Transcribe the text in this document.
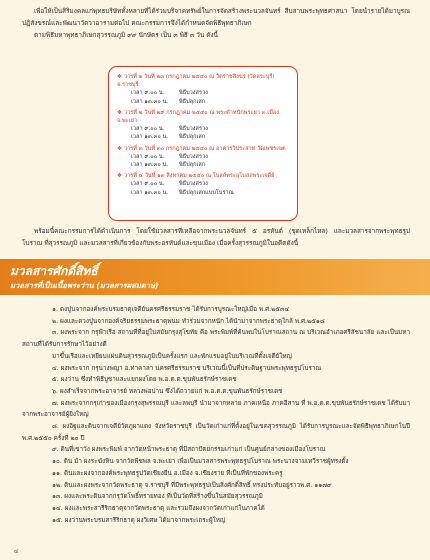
เพื่อให้เป็นสิริมงคลแก่พุทธบริษัททั้งหลายที่ได้ร่วมบริจาคทรัพย์ในการจัดสร้างพระนวลจันทร์ สืบสานพระพุทธศาสนา โดยนำรายได้มาบูรณปฏิสังขรณ์และพัฒนาวัดวาอารามต่อไป คณะกรรมการจึงได้กำหนดจัดพิธีพุทธาภิเษก

ตามพิธีมหาพุทธาภิเษกสุวรรณภูมิ ๙๙ นักษัตร เป็น ๓ พิธี ๓ วัน ดังนี้

❖ วารที่ ๑ วันที่ ๒๓ กรกฎาคม ๒๕๕๐ ณ วัดราชสิงขร (วัดสระบุรี) จ.ราชบุรี
เวลา ๙.๐๐ น.	พิธีบวงสรวง
เวลา ๑๓.๓๐ น. พิธีปลุกเสก
❖ วารที่ ๒ วันที่ ๒๙ กรกฎาคม ๒๕๕๐ ณ พระตำหนักพระยา ๓.เมือง จ.พะเยา
เวลา ๙.๐๐ น.	พิธีบวงสรวง
เวลา ๑๓.๓๐ น. พิธีปลุกเสก
❖ วารที่ ๓ วันที่ ๓๐ กรกฎาคม ๒๕๕๐ ณ อาคารวิประสาท วัดเพชรเขต
เวลา ๙.๐๐ น.	พิธีบวงสรวง
เวลา ๑๓.๓๐ น. พิธีปลุกเสก
❖ วารที่ ๔ วันที่ ๑๓ สิงหาคม ๒๕๕๐ ณ โบสถ์พระอุโบสถพระเจดีย์
เวลา ๙.๐๐ น.	พิธีบวงสรวง
เวลา ๑๓.๓๐ น. พิธีปลุกเสกแบบโบราณ

พร้อมนี้คณะกรรมการได้ดำเนินการ โดยใช้มวลสารที่เหลือจากพระนวลจันทร์ ๕ อรหันต์ (ชุดเหล็กไหล) และมวลสารจากพระพุทธรูปโบราณ ที่สุวรรณภูมิ และมวลสารที่เกี่ยวข้องกับพระอรหันต์และขุนเมือง เมื่อครั้งสุวรรณภูมิในอดีตดังนี้

มวลสารศักดิ์สิทธิ์
มวลสารที่เป็นเนื้อพระว่าน (มวลสารผสมดาษ)

๑. ดงปูนจากองค์พระบรมธาตุเจดีย์นครศรีธรรมราช ได้รับการบูรณะใหญ่เมื่อ พ.ศ.๒๕๓๔

๒. ผงและดวงปูนจากองค์จริยธรรมพระธาตุพนม ทำร่วมจากหนัก ได้นำมาจากพระธาตุใกล้ พ.ศ.๒๕๑๘

๓. ผงพระจาก กรุฟ้าเรือ สถานที่ที่อยู่ในสมัยกรุงสุโขทัย คือ พระพิมพ์ที่ค้นพบในโบราณสถาน ณ บริเวณอำเภอศรีสัชนาลัย และเป็นมหาสถานที่ได้รับการรักษาไว้อย่างดี

มาขึ้นเรือและเหยียบแผ่นดินสุวรรณภูมิเป็นครั้งแรก และพักแรมอยู่ในบริเวณที่ตั้งเจดีย์ใหญ่

๔. ผงพระจาก กรุนางพญา อ.ท่าคาลา นครศรีธรรมราช บริเวณนี้เป็นที่ประดิษฐานพระพุทธรูปโบราณ

๕. ผงว่าน ซึ่งทำพิธีบูชาและแยกผงโดย พ.อ.ต.ต.ขุนพันธรักษ์ราชเดช

๖. ผงสำเร็จจากพระอาจารย์ หลวงพ่อปาน ซึ่งได้ถวายแก่ พ.อ.ต.ต.ขุนพันธรักษ์ราชเดช

๗. ผงพระจากกรุเก่าของเมืองกรุงสุพรรณบุรี และลพบุรี นำมาจากหลาย ภาคเหนือ ภาคอีสาน ที่ พ.อ.ต.ต.ขุนพันธรักษ์ราชเดช ได้รับมาจากพระอาจารย์ผู้ยิ่งใหญ่

๘. ผงอิฐและดินจากเจดีย์วัดภูผาแดง จังหวัดราชบุรี เป็นวัดเก่าแก่ที่ตั้งอยู่ในเขตสุวรรณภูมิ ได้รับการบูรณะและจัดพิธีพุทธาภิเษกในปี พ.ศ.๒๕๕๐ ครั้งที่ ๒๐ ปี

๙. ดินที่เขาวัง ผงพระพิมพ์ จากวัดหน้าพระธาตุ ที่มีสถาปัตยกรรมเก่าแก่ เป็นศูนย์กลางของเมืองโบราณ

๑๐. ดิน ม้า ผงระฆังหิน จากวัดพืชพล จ.พะเยา เพื่อเป็นมวลสารพระพุทธรูปโบราณ พระนางจามเทวีราชผู้ทรงตั้ง

๑๑. ดินและผงจากองค์พระพุทธรูปวัดเชียงยืน อ.เมือง จ.เชียงราย ที่เป็นที่พักของพระครู

๑๒. ดินและผงพระจากวัดพระธาตุ จ.ราชบุรี ที่มีพระพุทธรูปเป็นสิ่งศักดิ์สิทธิ์ ทรงประทับอยู่ราวพ.ศ. ๑๑๗๙

๑๓. ผงและพระดินจากกรุวัดโพธิ์ทรายทอง ที่เป็นวัดที่สร้างขึ้นในสมัยสุวรรณภูมิ

๑๔. ผงและพระสารีริกธาตุจากวัดพระธาตุ และรวมถึงผงจากวัดเก่าแก่ในภาคใต้

๑๕. ผงว่านพระบรมสารีริกธาตุ ผงวิเศษ ได้มาจากพระเถระผู้ใหญ่

๔
